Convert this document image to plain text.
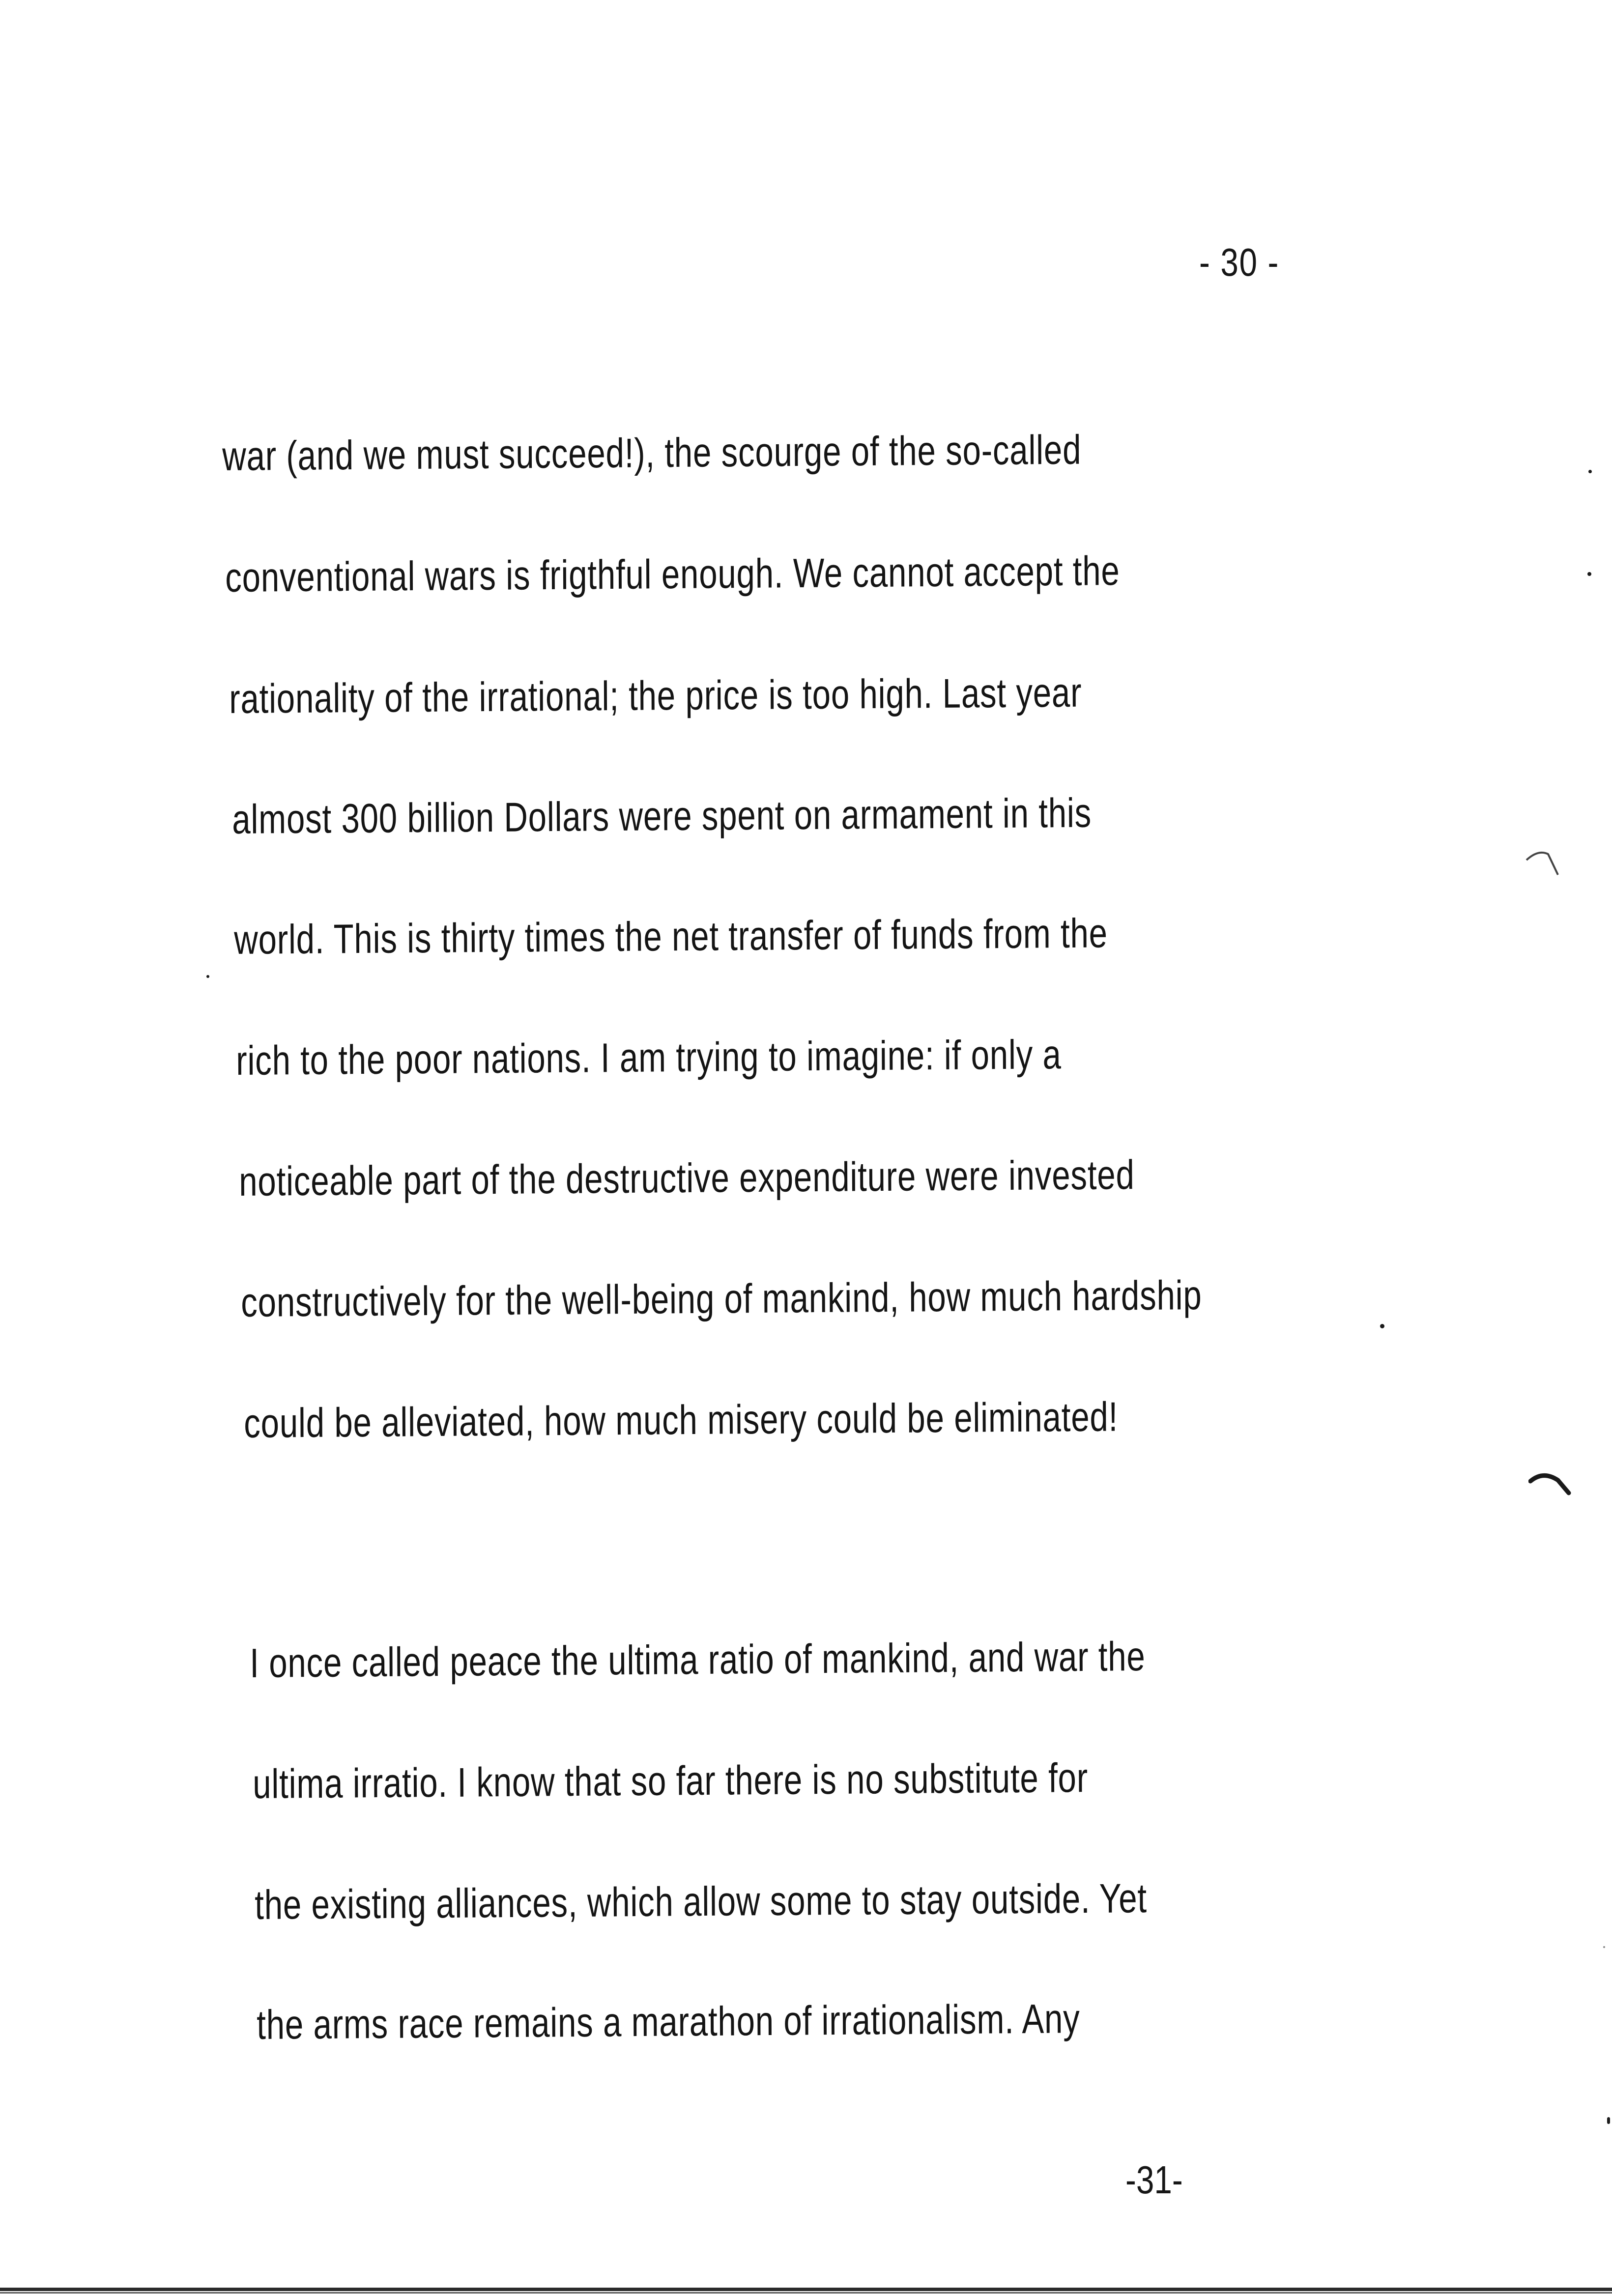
- 30 -
war (and we must succeed!), the scourge of the so-called
conventional wars is frigthful enough. We cannot accept the
rationality of the irrational; the price is too high. Last year
almost 300 billion Dollars were spent on armament in this
world. This is thirty times the net transfer of funds from the
rich to the poor nations. I am trying to imagine: if only a
noticeable part of the destructive expenditure were invested
constructively for the well-being of mankind, how much hardship
could be alleviated, how much misery could be eliminated!
I once called peace the ultima ratio of mankind, and war the
ultima irratio. I know that so far there is no substitute for
the existing alliances, which allow some to stay outside. Yet
the arms race remains a marathon of irrationalism. Any
-31-
